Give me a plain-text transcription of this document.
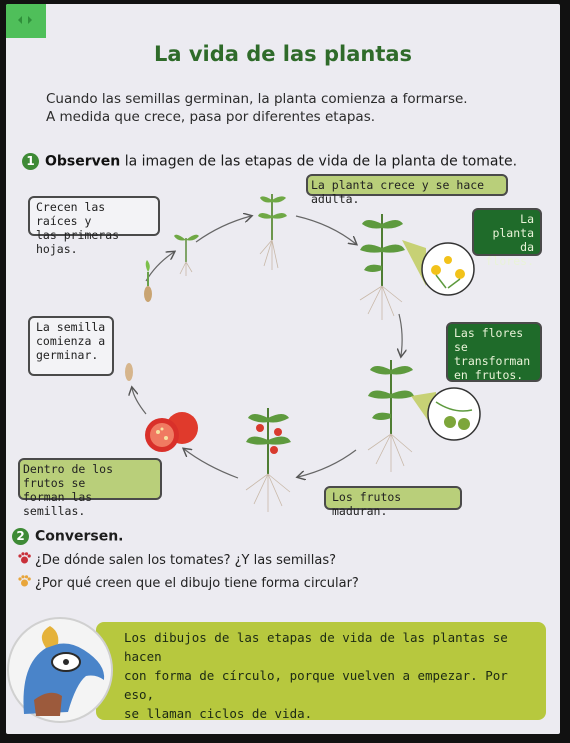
La vida de las plantas
Cuando las semillas germinan, la planta comienza a formarse.
A medida que crece, pasa por diferentes etapas.
1 Observen la imagen de las etapas de vida de la planta de tomate.
Crecen las raíces y
las primeras hojas.
La planta crece y se hace adulta.
La planta
da flores.
La semilla
comienza a
germinar.
Las flores se
transforman
en frutos.
Dentro de los frutos se
forman las semillas.
Los frutos maduran.
2 Conversen.
¿De dónde salen los tomates? ¿Y las semillas?
¿Por qué creen que el dibujo tiene forma circular?
Los dibujos de las etapas de vida de las plantas se hacen
con forma de círculo, porque vuelven a empezar. Por eso,
se llaman ciclos de vida.
